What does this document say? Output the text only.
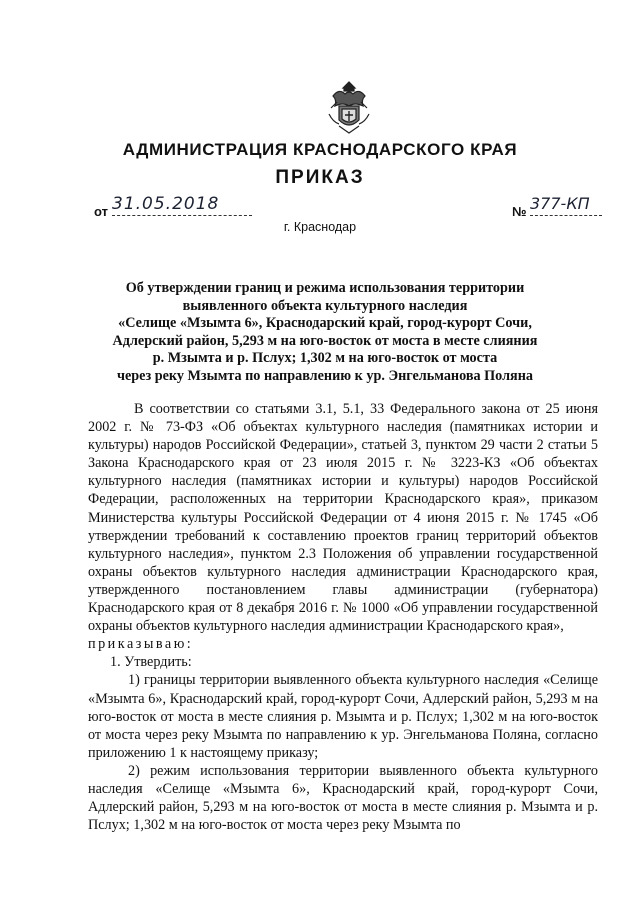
АДМИНИСТРАЦИЯ КРАСНОДАРСКОГО КРАЯ
ПРИКАЗ
от 31.05.2018	№ 377-КП
г. Краснодар
Об утверждении границ и режима использования территории
выявленного объекта культурного наследия
«Селище «Мзымта 6», Краснодарский край, город-курорт Сочи,
Адлерский район, 5,293 м на юго-восток от моста в месте слияния
р. Мзымта и р. Пслух; 1,302 м на юго-восток от моста
через реку Мзымта по направлению к ур. Энгельманова Поляна

В соответствии со статьями 3.1, 5.1, 33 Федерального закона от 25 июня 2002 г. № 73-ФЗ «Об объектах культурного наследия (памятниках истории и культуры) народов Российской Федерации», статьей 3, пунктом 29 части 2 статьи 5 Закона Краснодарского края от 23 июля 2015 г. № 3223-КЗ «Об объектах культурного наследия (памятниках истории и культуры) народов Российской Федерации, расположенных на территории Краснодарского края», приказом Министерства культуры Российской Федерации от 4 июня 2015 г. № 1745 «Об утверждении требований к составлению проектов границ территорий объектов культурного наследия», пунктом 2.3 Положения об управлении государственной охраны объектов культурного наследия администрации Краснодарского края, утвержденного постановлением главы администрации (губернатора) Краснодарского края от 8 декабря 2016 г. № 1000 «Об управлении государственной охраны объектов культурного наследия администрации Краснодарского края»,

приказываю:

1. Утвердить:

1) границы территории выявленного объекта культурного наследия «Селище «Мзымта 6», Краснодарский край, город-курорт Сочи, Адлерский район, 5,293 м на юго-восток от моста в месте слияния р. Мзымта и р. Пслух; 1,302 м на юго-восток от моста через реку Мзымта по направлению к ур. Энгельманова Поляна, согласно приложению 1 к настоящему приказу;

2) режим использования территории выявленного объекта культурного наследия «Селище «Мзымта 6», Краснодарский край, город-курорт Сочи, Адлерский район, 5,293 м на юго-восток от моста в месте слияния р. Мзымта и р. Пслух; 1,302 м на юго-восток от моста через реку Мзымта по
